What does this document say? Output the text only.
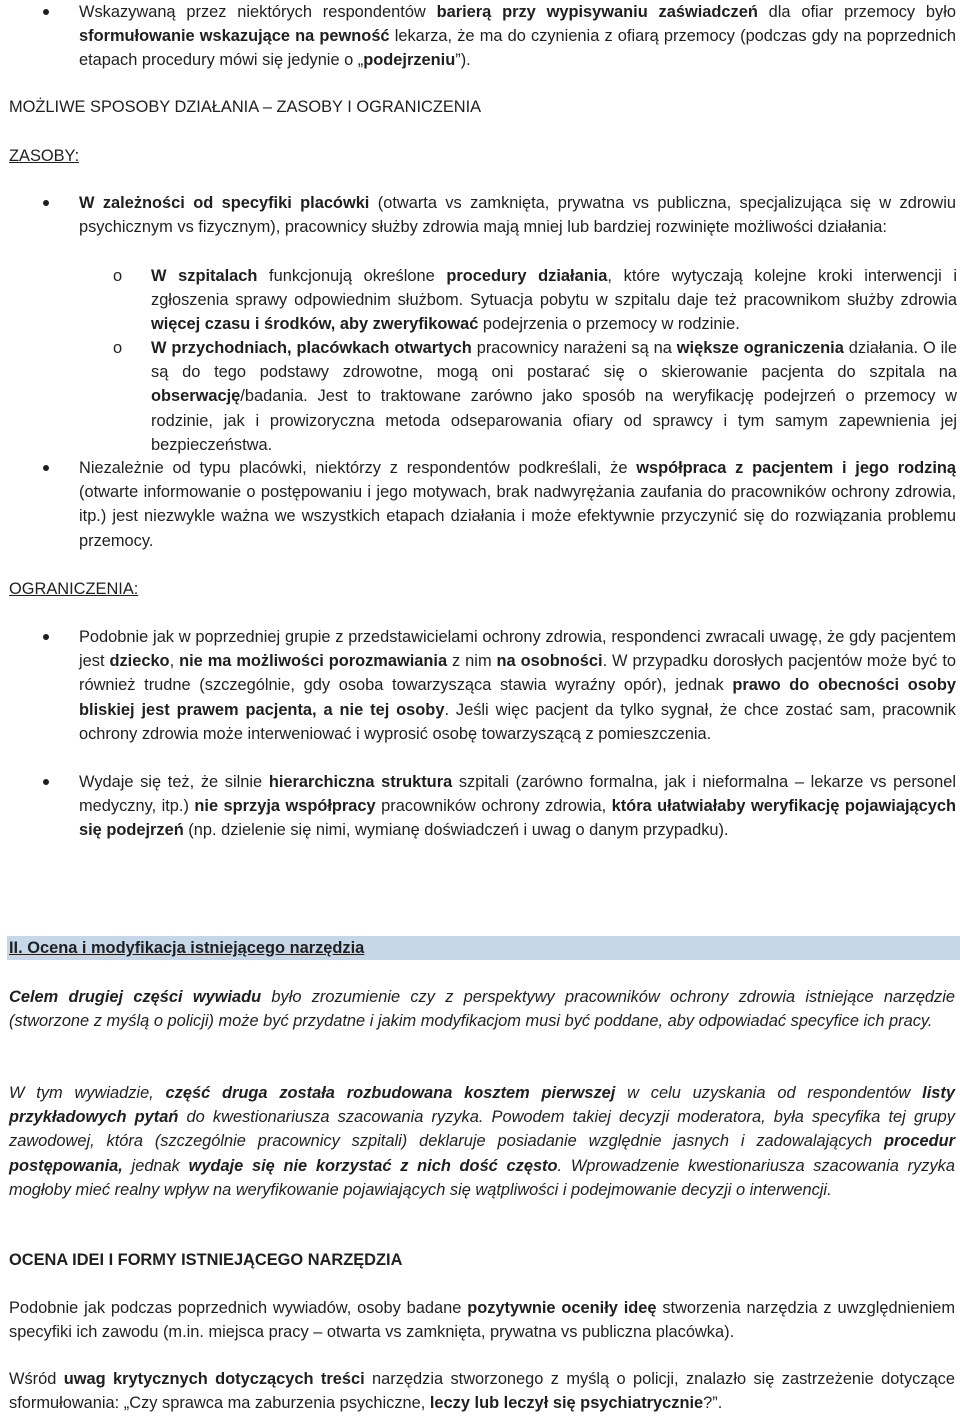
Wskazywaną przez niektórych respondentów barierą przy wypisywaniu zaświadczeń dla ofiar przemocy było sformułowanie wskazujące na pewność lekarza, że ma do czynienia z ofiarą przemocy (podczas gdy na poprzednich etapach procedury mówi się jedynie o „podejrzeniu”).
MOŻLIWE SPOSOBY DZIAŁANIA – ZASOBY I OGRANICZENIA
ZASOBY:
W zależności od specyfiki placówki (otwarta vs zamknięta, prywatna vs publiczna, specjalizująca się w zdrowiu psychicznym vs fizycznym), pracownicy służby zdrowia mają mniej lub bardziej rozwinięte możliwości działania:
o W szpitalach funkcjonują określone procedury działania, które wytyczają kolejne kroki interwencji i zgłoszenia sprawy odpowiednim służbom. Sytuacja pobytu w szpitalu daje też pracownikom służby zdrowia więcej czasu i środków, aby zweryfikować podejrzenia o przemocy w rodzinie.
o W przychodniach, placówkach otwartych pracownicy narażeni są na większe ograniczenia działania. O ile są do tego podstawy zdrowotne, mogą oni postarać się o skierowanie pacjenta do szpitala na obserwację/badania. Jest to traktowane zarówno jako sposób na weryfikację podejrzeń o przemocy w rodzinie, jak i prowizoryczna metoda odseparowania ofiary od sprawcy i tym samym zapewnienia jej bezpieczeństwa.
Niezależnie od typu placówki, niektórzy z respondentów podkreślali, że współpraca z pacjentem i jego rodziną (otwarte informowanie o postępowaniu i jego motywach, brak nadwyrężania zaufania do pracowników ochrony zdrowia, itp.) jest niezwykle ważna we wszystkich etapach działania i może efektywnie przyczynić się do rozwiązania problemu przemocy.
OGRANICZENIA:
Podobnie jak w poprzedniej grupie z przedstawicielami ochrony zdrowia, respondenci zwracali uwagę, że gdy pacjentem jest dziecko, nie ma możliwości porozmawiania z nim na osobności. W przypadku dorosłych pacjentów może być to również trudne (szczególnie, gdy osoba towarzysząca stawia wyraźny opór), jednak prawo do obecności osoby bliskiej jest prawem pacjenta, a nie tej osoby. Jeśli więc pacjent da tylko sygnał, że chce zostać sam, pracownik ochrony zdrowia może interweniować i wyprosić osobę towarzyszącą z pomieszczenia.
Wydaje się też, że silnie hierarchiczna struktura szpitali (zarówno formalna, jak i nieformalna – lekarze vs personel medyczny, itp.) nie sprzyja współpracy pracowników ochrony zdrowia, która ułatwiałaby weryfikację pojawiających się podejrzeń (np. dzielenie się nimi, wymianę doświadczeń i uwag o danym przypadku).
II. Ocena i modyfikacja istniejącego narzędzia
Celem drugiej części wywiadu było zrozumienie czy z perspektywy pracowników ochrony zdrowia istniejące narzędzie (stworzone z myślą o policji) może być przydatne i jakim modyfikacjom musi być poddane, aby odpowiadać specyfice ich pracy.
W tym wywiadzie, część druga została rozbudowana kosztem pierwszej w celu uzyskania od respondentów listy przykładowych pytań do kwestionariusza szacowania ryzyka. Powodem takiej decyzji moderatora, była specyfika tej grupy zawodowej, która (szczególnie pracownicy szpitali) deklaruje posiadanie względnie jasnych i zadowalających procedur postępowania, jednak wydaje się nie korzystać z nich dość często. Wprowadzenie kwestionariusza szacowania ryzyka mogłoby mieć realny wpływ na weryfikowanie pojawiających się wątpliwości i podejmowanie decyzji o interwencji.
OCENA IDEI I FORMY ISTNIEJĄCEGO NARZĘDZIA
Podobnie jak podczas poprzednich wywiadów, osoby badane pozytywnie oceniły ideę stworzenia narzędzia z uwzględnieniem specyfiki ich zawodu (m.in. miejsca pracy – otwarta vs zamknięta, prywatna vs publiczna placówka).
Wśród uwag krytycznych dotyczących treści narzędzia stworzonego z myślą o policji, znalazło się zastrzeżenie dotyczące sformułowania: „Czy sprawca ma zaburzenia psychiczne, leczy lub leczył się psychiatrycznie?”.
